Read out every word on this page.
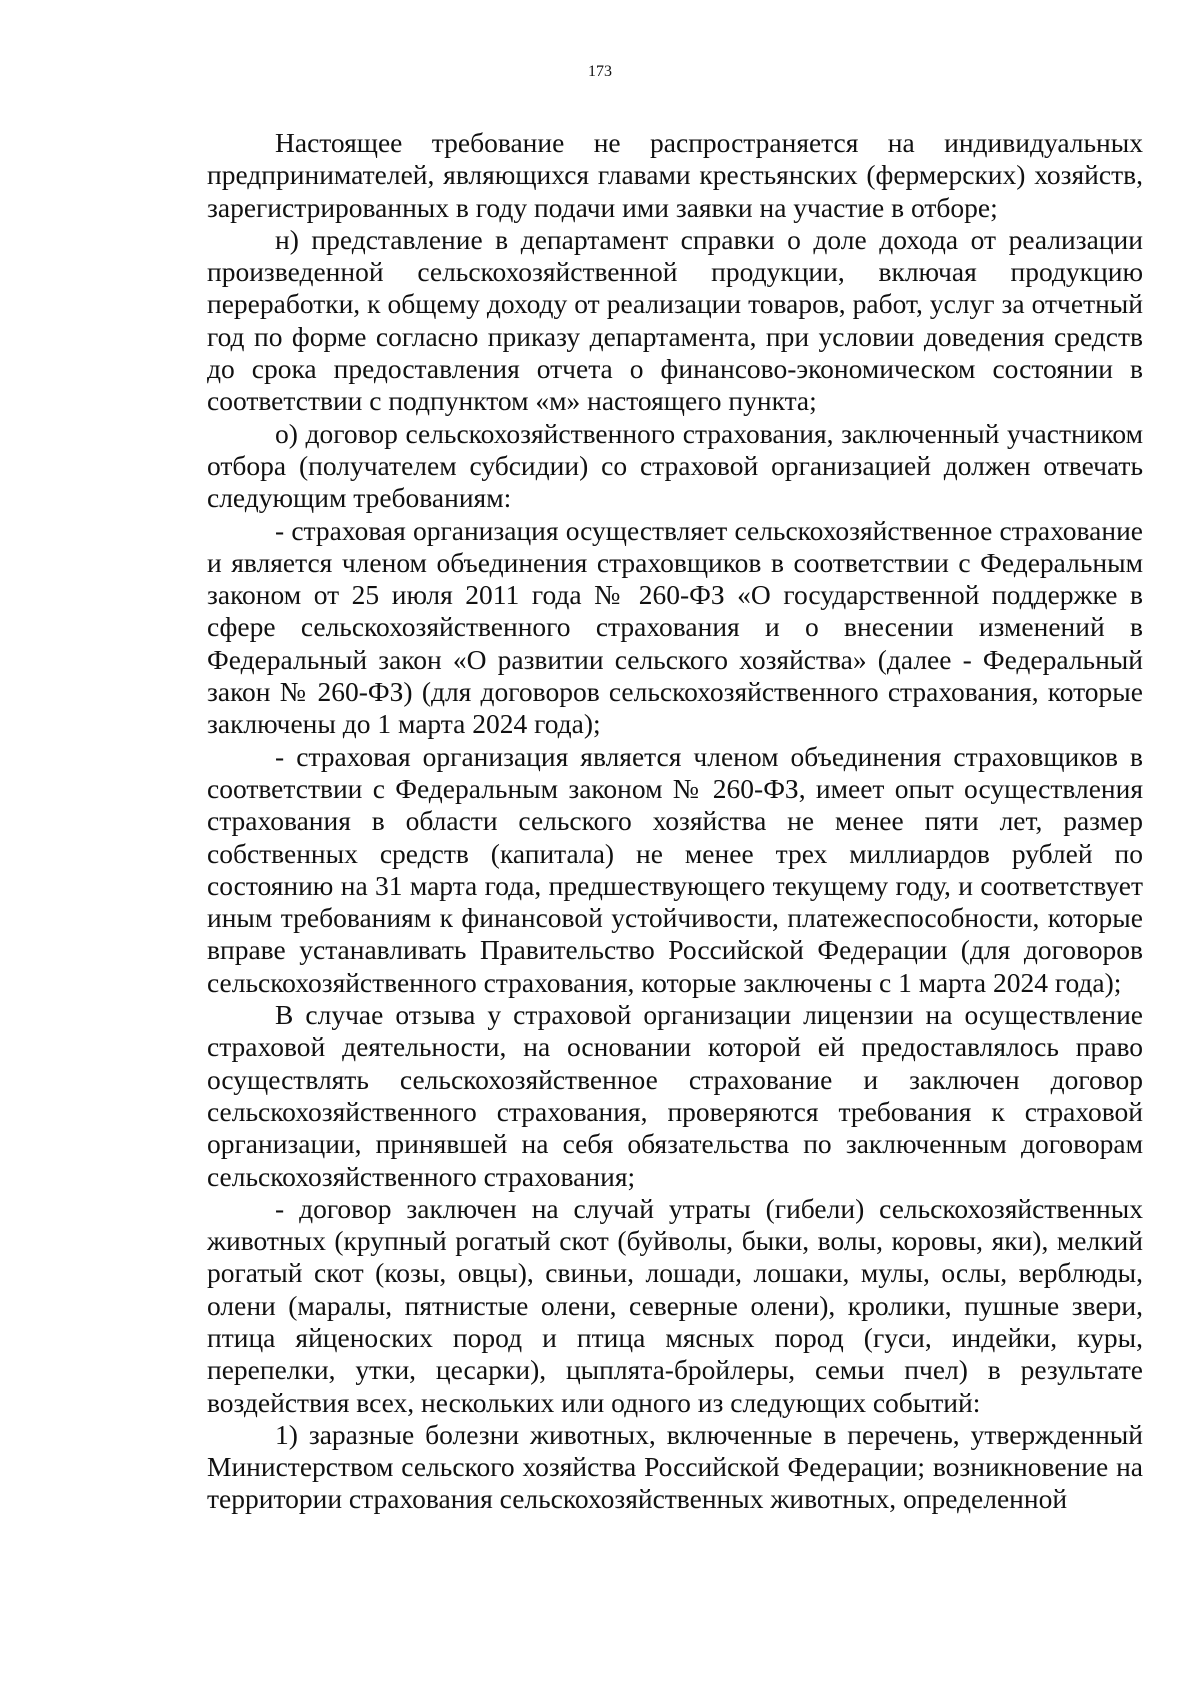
173

Настоящее требование не распространяется на индивидуальных предпринимателей, являющихся главами крестьянских (фермерских) хозяйств, зарегистрированных в году подачи ими заявки на участие в отборе;

н) представление в департамент справки о доле дохода от реализации произведенной сельскохозяйственной продукции, включая продукцию переработки, к общему доходу от реализации товаров, работ, услуг за отчетный год по форме согласно приказу департамента, при условии доведения средств до срока предоставления отчета о финансово-экономическом состоянии в соответствии с подпунктом «м» настоящего пункта;

о) договор сельскохозяйственного страхования, заключенный участником отбора (получателем субсидии) со страховой организацией должен отвечать следующим требованиям:

- страховая организация осуществляет сельскохозяйственное страхование и является членом объединения страховщиков в соответствии с Федеральным законом от 25 июля 2011 года № 260-ФЗ «О государственной поддержке в сфере сельскохозяйственного страхования и о внесении изменений в Федеральный закон «О развитии сельского хозяйства» (далее - Федеральный закон № 260-ФЗ) (для договоров сельскохозяйственного страхования, которые заключены до 1 марта 2024 года);

- страховая организация является членом объединения страховщиков в соответствии с Федеральным законом № 260-ФЗ, имеет опыт осуществления страхования в области сельского хозяйства не менее пяти лет, размер собственных средств (капитала) не менее трех миллиардов рублей по состоянию на 31 марта года, предшествующего текущему году, и соответствует иным требованиям к финансовой устойчивости, платежеспособности, которые вправе устанавливать Правительство Российской Федерации (для договоров сельскохозяйственного страхования, которые заключены с 1 марта 2024 года);

В случае отзыва у страховой организации лицензии на осуществление страховой деятельности, на основании которой ей предоставлялось право осуществлять сельскохозяйственное страхование и заключен договор сельскохозяйственного страхования, проверяются требования к страховой организации, принявшей на себя обязательства по заключенным договорам сельскохозяйственного страхования;

- договор заключен на случай утраты (гибели) сельскохозяйственных животных (крупный рогатый скот (буйволы, быки, волы, коровы, яки), мелкий рогатый скот (козы, овцы), свиньи, лошади, лошаки, мулы, ослы, верблюды, олени (маралы, пятнистые олени, северные олени), кролики, пушные звери, птица яйценоских пород и птица мясных пород (гуси, индейки, куры, перепелки, утки, цесарки), цыплята-бройлеры, семьи пчел) в результате воздействия всех, нескольких или одного из следующих событий:

1) заразные болезни животных, включенные в перечень, утвержденный Министерством сельского хозяйства Российской Федерации; возникновение на территории страхования сельскохозяйственных животных, определенной
